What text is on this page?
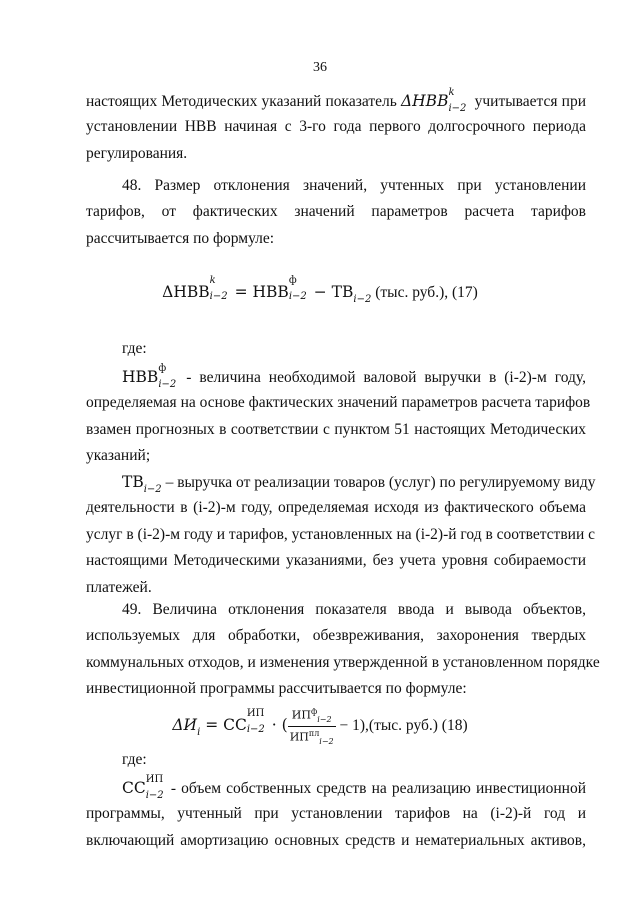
36
настоящих Методических указаний показатель ΔНВВ k
i−2 учитывается при
установлении НВВ начиная с 3-го года первого долгосрочного периода
регулирования.
48. Размер отклонения значений, учтенных при установлении
тарифов, от фактических значений параметров расчета тарифов
рассчитывается по формуле:
ΔНВВ
k
i−2 = НВВ
ф
$i-2 - ТВ_{i-2}$ (тыс. руб.), (17)
где:
НВВ ф
i−2 - величина необходимой валовой выручки в (i-2)-м году,
определяемая на основе фактических значений параметров расчета тарифов
взамен прогнозных в соответствии с пунктом 51 настоящих Методических
указаний;
$ТВ_{i-2}$ – выручка от реализации товаров (услуг) по регулируемому виду
деятельности в (i-2)-м году, определяемая исходя из фактического объема
услуг в (i-2)-м году и тарифов, установленных на (i-2)-й год в соответствии с
настоящими Методическими указаниями, без учета уровня собираемости
платежей.
49. Величина отклонения показателя ввода и вывода объектов,
используемых для обработки, обезвреживания, захоронения твердых
коммунальных отходов, и изменения утвержденной в установленном порядке
инвестиционной программы рассчитывается по формуле:
$\Delta И_i$ = СС
ИП
i−2 · ( $\frac{ИП^ф_{i-2}}{ИП^{пл}_{i-2}} - 1),(тыс$. руб.) (18)
где:
СС ИП
i−2 - объем собственных средств на реализацию инвестиционной
программы, учтенный при установлении тарифов на (i-2)-й год и
включающий амортизацию основных средств и нематериальных активов,
